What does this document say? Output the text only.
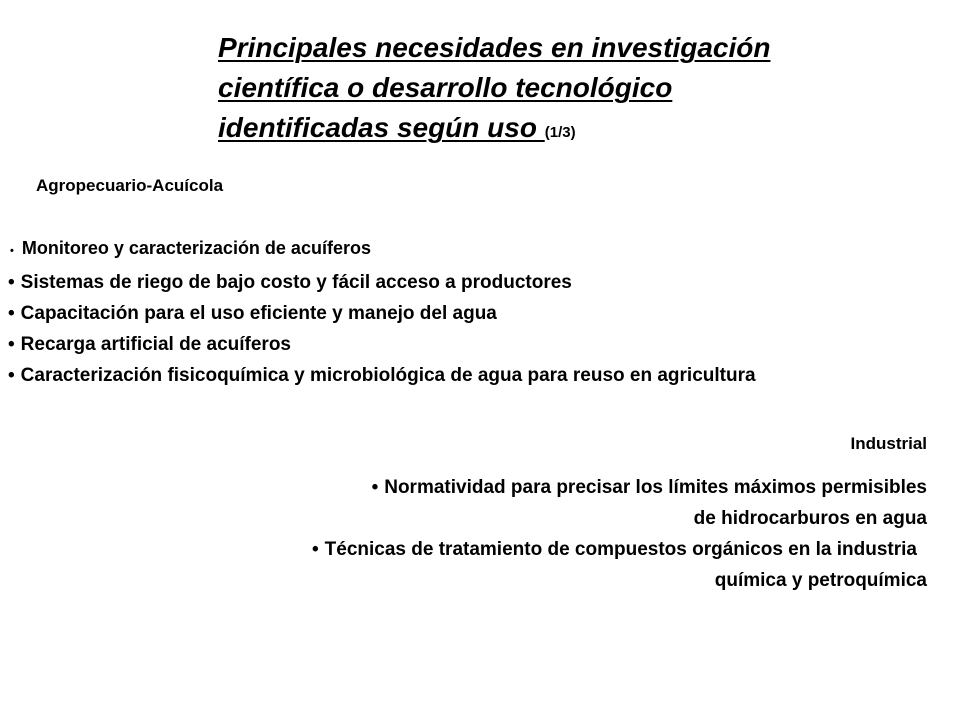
Principales necesidades en investigación
científica o desarrollo tecnológico
identificadas según uso (1/3)
Agropecuario-Acuícola
• Monitoreo y caracterización de acuíferos
• Sistemas de riego de bajo costo y fácil acceso a productores
• Capacitación para el uso eficiente y manejo del agua
• Recarga artificial de acuíferos
• Caracterización fisicoquímica y microbiológica de agua para reuso en agricultura
Industrial
• Normatividad para precisar los límites máximos permisibles
de hidrocarburos en agua
• Técnicas de tratamiento de compuestos orgánicos en la industria
química y petroquímica
